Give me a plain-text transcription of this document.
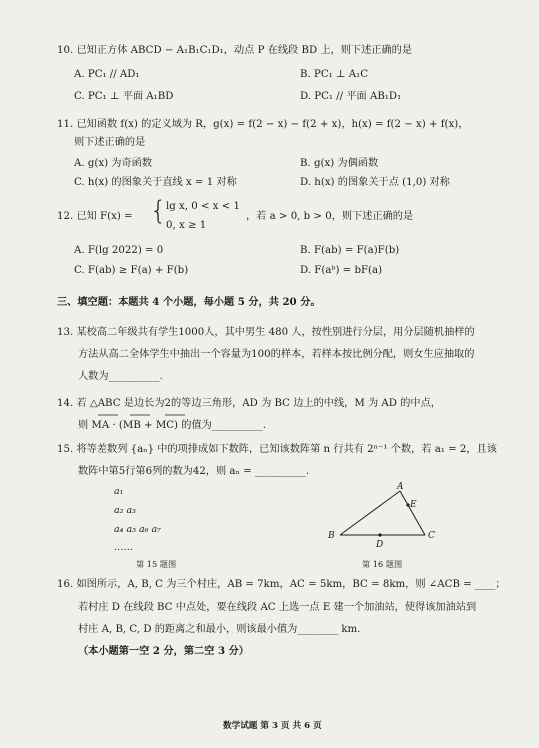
10. 已知正方体 ABCD − A₁B₁C₁D₁，动点 P 在线段 BD 上，则下述正确的是
A. PC₁ // AD₁	B. PC₁ ⊥ A₁C
C. PC₁ ⊥ 平面 A₁BD	D. PC₁ // 平面 AB₁D₁
11. 已知函数 f(x) 的定义域为 R，g(x) = f(2 − x) − f(2 + x)，h(x) = f(2 − x) + f(x)，
则下述正确的是
A. g(x) 为奇函数	B. g(x) 为偶函数
C. h(x) 的图象关于直线 x = 1 对称	D. h(x) 的图象关于点 (1,0) 对称
12. 已知 F(x) = { lg x, 0 < x < 1
0, x ≥ 1
，若 a > 0, b > 0，则下述正确的是
A. F(lg 2022) = 0	B. F(ab) = F(a)F(b)
C. F(ab) ≥ F(a) + F(b)	D. F(aᵇ) = bF(a)
三、填空题：本题共 4 个小题，每小题 5 分，共 20 分。
13. 某校高二年级共有学生1000人，其中男生 480 人，按性别进行分层，用分层随机抽样的
方法从高二全体学生中抽出一个容量为100的样本，若样本按比例分配，则女生应抽取的
人数为__________.
14. 若 △ABC 是边长为2的等边三角形，AD 为 BC 边上的中线，M 为 AD 的中点，
则 MA · (MB + MC) 的值为__________.
15. 将等差数列 {aₙ} 中的项排成如下数阵，已知该数阵第 n 行共有 2ⁿ⁻¹ 个数，若 a₁ = 2，且该
数阵中第5行第6列的数为42，则 aₙ = __________.
a₁
a₂ a₃
a₄ a₅ a₆ a₇
……
第 15 题图
A
B	C
D
E
第 16 题图
16. 如图所示，A, B, C 为三个村庄，AB = 7km，AC = 5km，BC = 8km，则 ∠ACB = ____；
若村庄 D 在线段 BC 中点处，要在线段 AC 上选一点 E 建一个加油站，使得该加油站到
村庄 A, B, C, D 的距离之和最小，则该最小值为________ km.
（本小题第一空 2 分，第二空 3 分）
数学试题 第 3 页 共 6 页
